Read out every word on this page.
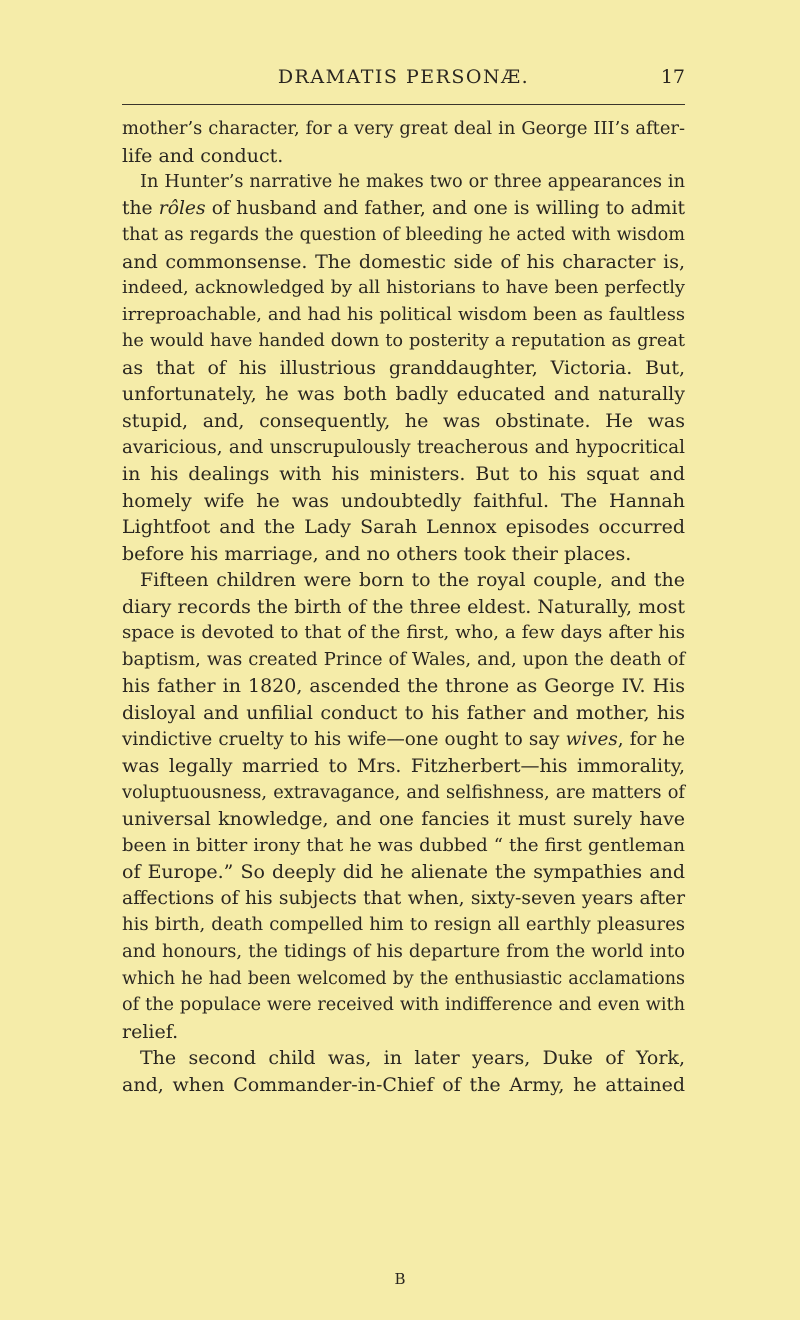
DRAMATIS PERSONÆ.	17
mother’s character, for a very great deal in George III’s after-
life and conduct.
In Hunter’s narrative he makes two or three appearances in
the rôles of husband and father, and one is willing to admit
that as regards the question of bleeding he acted with wisdom
and commonsense. The domestic side of his character is,
indeed, acknowledged by all historians to have been perfectly
irreproachable, and had his political wisdom been as faultless
he would have handed down to posterity a reputation as great
as that of his illustrious granddaughter, Victoria. But,
unfortunately, he was both badly educated and naturally
stupid, and, consequently, he was obstinate. He was
avaricious, and unscrupulously treacherous and hypocritical
in his dealings with his ministers. But to his squat and
homely wife he was undoubtedly faithful. The Hannah
Lightfoot and the Lady Sarah Lennox episodes occurred
before his marriage, and no others took their places.
Fifteen children were born to the royal couple, and the
diary records the birth of the three eldest. Naturally, most
space is devoted to that of the first, who, a few days after his
baptism, was created Prince of Wales, and, upon the death of
his father in 1820, ascended the throne as George IV. His
disloyal and unfilial conduct to his father and mother, his
vindictive cruelty to his wife—one ought to say wives, for he
was legally married to Mrs. Fitzherbert—his immorality,
voluptuousness, extravagance, and selfishness, are matters of
universal knowledge, and one fancies it must surely have
been in bitter irony that he was dubbed “ the first gentleman
of Europe.” So deeply did he alienate the sympathies and
affections of his subjects that when, sixty-seven years after
his birth, death compelled him to resign all earthly pleasures
and honours, the tidings of his departure from the world into
which he had been welcomed by the enthusiastic acclamations
of the populace were received with indifference and even with
relief.
The second child was, in later years, Duke of York,
and, when Commander-in-Chief of the Army, he attained
B
